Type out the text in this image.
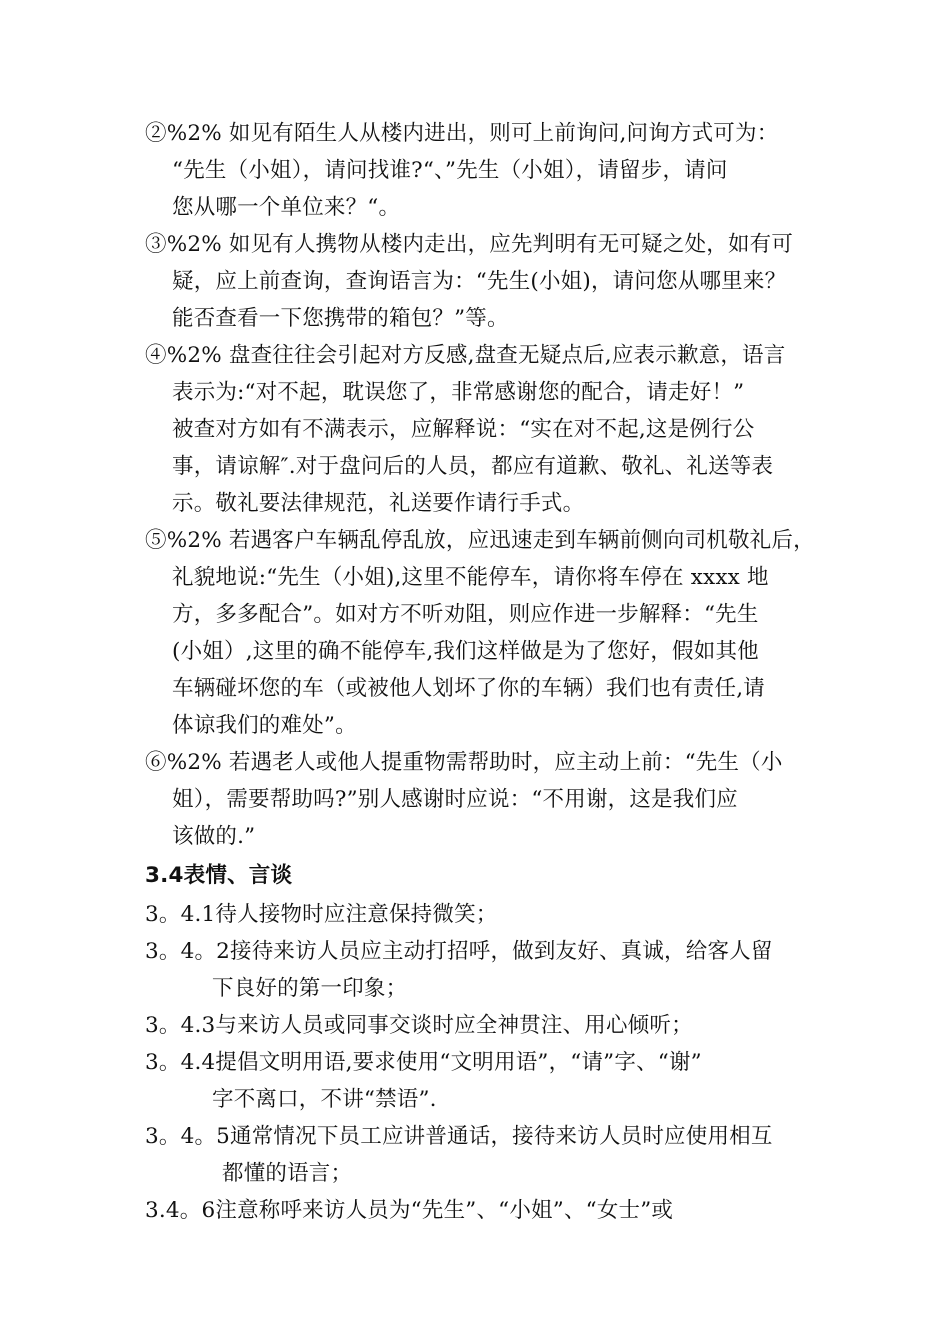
②%2% 如见有陌生人从楼内进出，则可上前询问,问询方式可为：
“先生（小姐），请问找谁?“、”先生（小姐），请留步，请问
您从哪一个单位来？“。
③%2% 如见有人携物从楼内走出，应先判明有无可疑之处，如有可
疑，应上前查询，查询语言为：“先生(小姐)，请问您从哪里来？
能否查看一下您携带的箱包？”等。
④%2% 盘查往往会引起对方反感,盘查无疑点后,应表示歉意，语言
表示为:“对不起，耽误您了，非常感谢您的配合，请走好！”
被查对方如有不满表示，应解释说：“实在对不起,这是例行公
事，请谅解″.对于盘问后的人员，都应有道歉、敬礼、礼送等表
示。敬礼要法律规范，礼送要作请行手式。
⑤%2% 若遇客户车辆乱停乱放，应迅速走到车辆前侧向司机敬礼后，
礼貌地说:“先生（小姐),这里不能停车，请你将车停在 xxxx 地
方，多多配合”。如对方不听劝阻，则应作进一步解释：“先生
(小姐）,这里的确不能停车,我们这样做是为了您好，假如其他
车辆碰坏您的车（或被他人划坏了你的车辆）我们也有责任,请
体谅我们的难处”。
⑥%2% 若遇老人或他人提重物需帮助时，应主动上前：“先生（小
姐），需要帮助吗?”别人感谢时应说：“不用谢，这是我们应
该做的.”
3.4表情、言谈
3。4.1待人接物时应注意保持微笑；
3。4。2接待来访人员应主动打招呼，做到友好、真诚，给客人留
下良好的第一印象；
3。4.3与来访人员或同事交谈时应全神贯注、用心倾听；
3。4.4提倡文明用语,要求使用“文明用语”，“请”字、“谢”
字不离口，不讲“禁语”.
3。4。5通常情况下员工应讲普通话，接待来访人员时应使用相互
都懂的语言；
3.4。6注意称呼来访人员为“先生”、“小姐”、“女士”或
